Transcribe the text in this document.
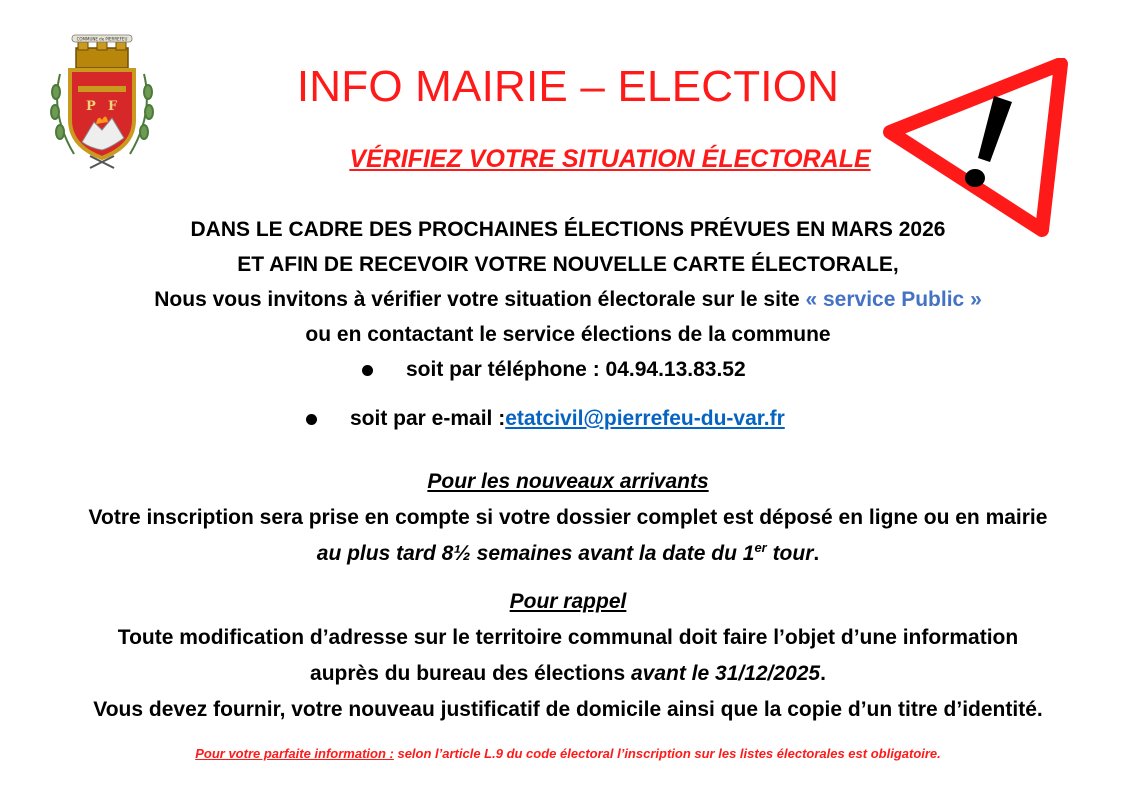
COMMUNE de PIERREFEU
P F	INFO MAIRIE – ELECTION
VÉRIFIEZ VOTRE SITUATION ÉLECTORALE
DANS LE CADRE DES PROCHAINES ÉLECTIONS PRÉVUES EN MARS 2026
ET AFIN DE RECEVOIR VOTRE NOUVELLE CARTE ÉLECTORALE,
Nous vous invitons à vérifier votre situation électorale sur le site « service Public »
ou en contactant le service élections de la commune
soit par téléphone : 04.94.13.83.52
soit par e-mail : etatcivil@pierrefeu-du-var.fr
Pour les nouveaux arrivants
Votre inscription sera prise en compte si votre dossier complet est déposé en ligne ou en mairie
au plus tard 8½ semaines avant la date du 1er tour.
Pour rappel
Toute modification d’adresse sur le territoire communal doit faire l’objet d’une information
auprès du bureau des élections avant le 31/12/2025.
Vous devez fournir, votre nouveau justificatif de domicile ainsi que la copie d’un titre d’identité.
Pour votre parfaite information : selon l’article L.9 du code électoral l’inscription sur les listes électorales est obligatoire.
